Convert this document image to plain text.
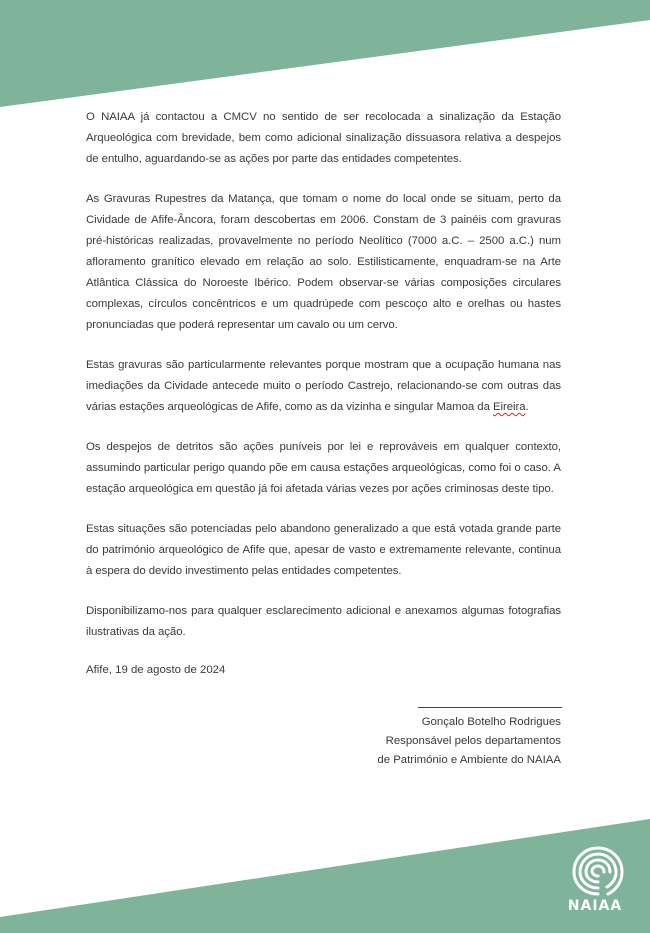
O NAIAA já contactou a CMCV no sentido de ser recolocada a sinalização da Estação Arqueológica com brevidade, bem como adicional sinalização dissuasora relativa a despejos de entulho, aguardando-se as ações por parte das entidades competentes.

As Gravuras Rupestres da Matança, que tomam o nome do local onde se situam, perto da Cividade de Afife-Âncora, foram descobertas em 2006. Constam de 3 painéis com gravuras pré-históricas realizadas, provavelmente no período Neolítico (7000 a.C. – 2500 a.C.) num afloramento granítico elevado em relação ao solo. Estilisticamente, enquadram-se na Arte Atlântica Clássica do Noroeste Ibérico. Podem observar-se várias composições circulares complexas, círculos concêntricos e um quadrúpede com pescoço alto e orelhas ou hastes pronunciadas que poderá representar um cavalo ou um cervo.

Estas gravuras são particularmente relevantes porque mostram que a ocupação humana nas imediações da Cividade antecede muito o período Castrejo, relacionando-se com outras das várias estações arqueológicas de Afife, como as da vizinha e singular Mamoa da Eireira.

Os despejos de detritos são ações puníveis por lei e reprováveis em qualquer contexto, assumindo particular perigo quando põe em causa estações arqueológicas, como foi o caso. A estação arqueológica em questão já foi afetada várias vezes por ações criminosas deste tipo.

Estas situações são potenciadas pelo abandono generalizado a que está votada grande parte do património arqueológico de Afife que, apesar de vasto e extremamente relevante, continua à espera do devido investimento pelas entidades competentes.

Disponibilizamo-nos para qualquer esclarecimento adicional e anexamos algumas fotografias ilustrativas da ação.

Afife, 19 de agosto de 2024

Gonçalo Botelho Rodrigues
Responsável pelos departamentos
de Património e Ambiente do NAIAA
NAIAA
